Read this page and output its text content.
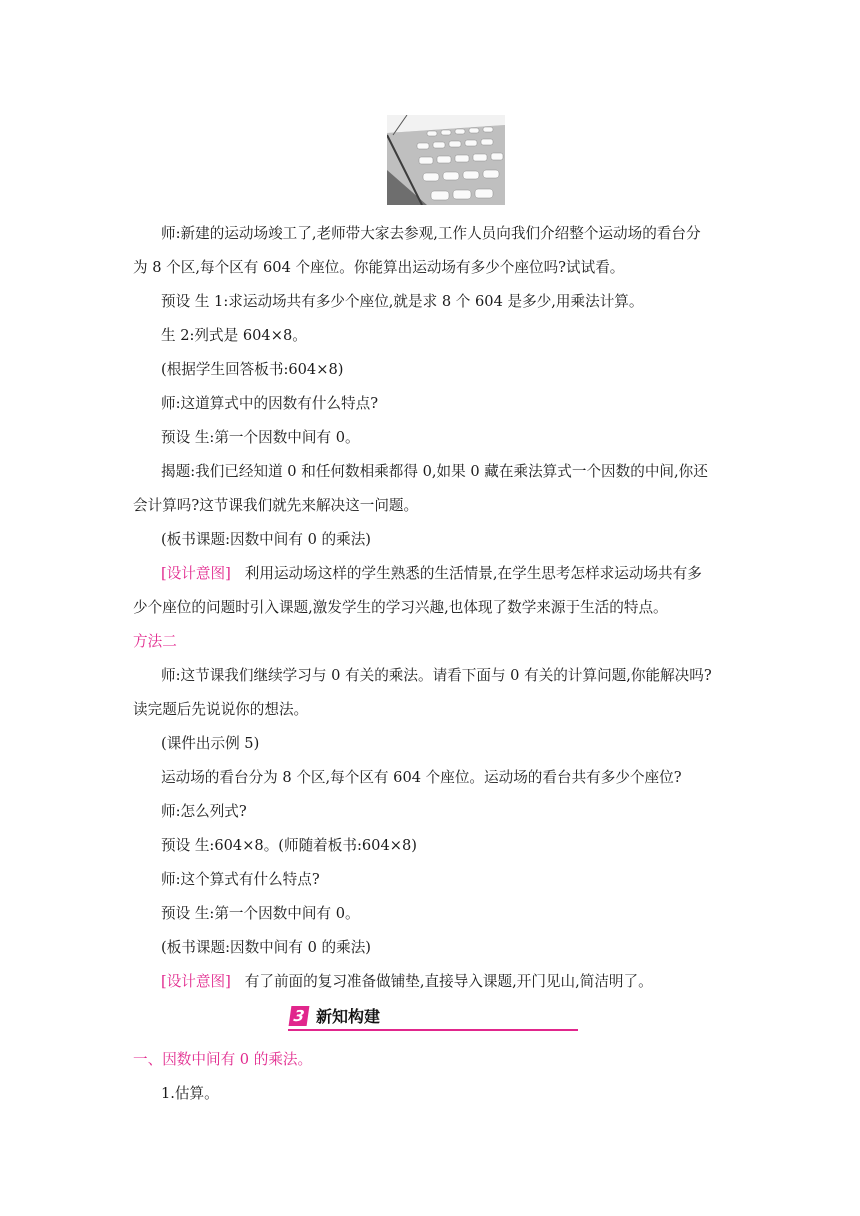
师:新建的运动场竣工了,老师带大家去参观,工作人员向我们介绍整个运动场的看台分
为 8 个区,每个区有 604 个座位。你能算出运动场有多少个座位吗?试试看。
预设 生 1:求运动场共有多少个座位,就是求 8 个 604 是多少,用乘法计算。
生 2:列式是 604×8。
(根据学生回答板书:604×8)
师:这道算式中的因数有什么特点?
预设 生:第一个因数中间有 0。
揭题:我们已经知道 0 和任何数相乘都得 0,如果 0 藏在乘法算式一个因数的中间,你还
会计算吗?这节课我们就先来解决这一问题。
(板书课题:因数中间有 0 的乘法)
[设计意图] 利用运动场这样的学生熟悉的生活情景,在学生思考怎样求运动场共有多
少个座位的问题时引入课题,激发学生的学习兴趣,也体现了数学来源于生活的特点。
方法二
师:这节课我们继续学习与 0 有关的乘法。请看下面与 0 有关的计算问题,你能解决吗?
读完题后先说说你的想法。
(课件出示例 5)
运动场的看台分为 8 个区,每个区有 604 个座位。运动场的看台共有多少个座位?
师:怎么列式?
预设 生:604×8。(师随着板书:604×8)
师:这个算式有什么特点?
预设 生:第一个因数中间有 0。
(板书课题:因数中间有 0 的乘法)
[设计意图] 有了前面的复习准备做铺垫,直接导入课题,开门见山,简洁明了。
3 新知构建
一、因数中间有 0 的乘法。
1.估算。
